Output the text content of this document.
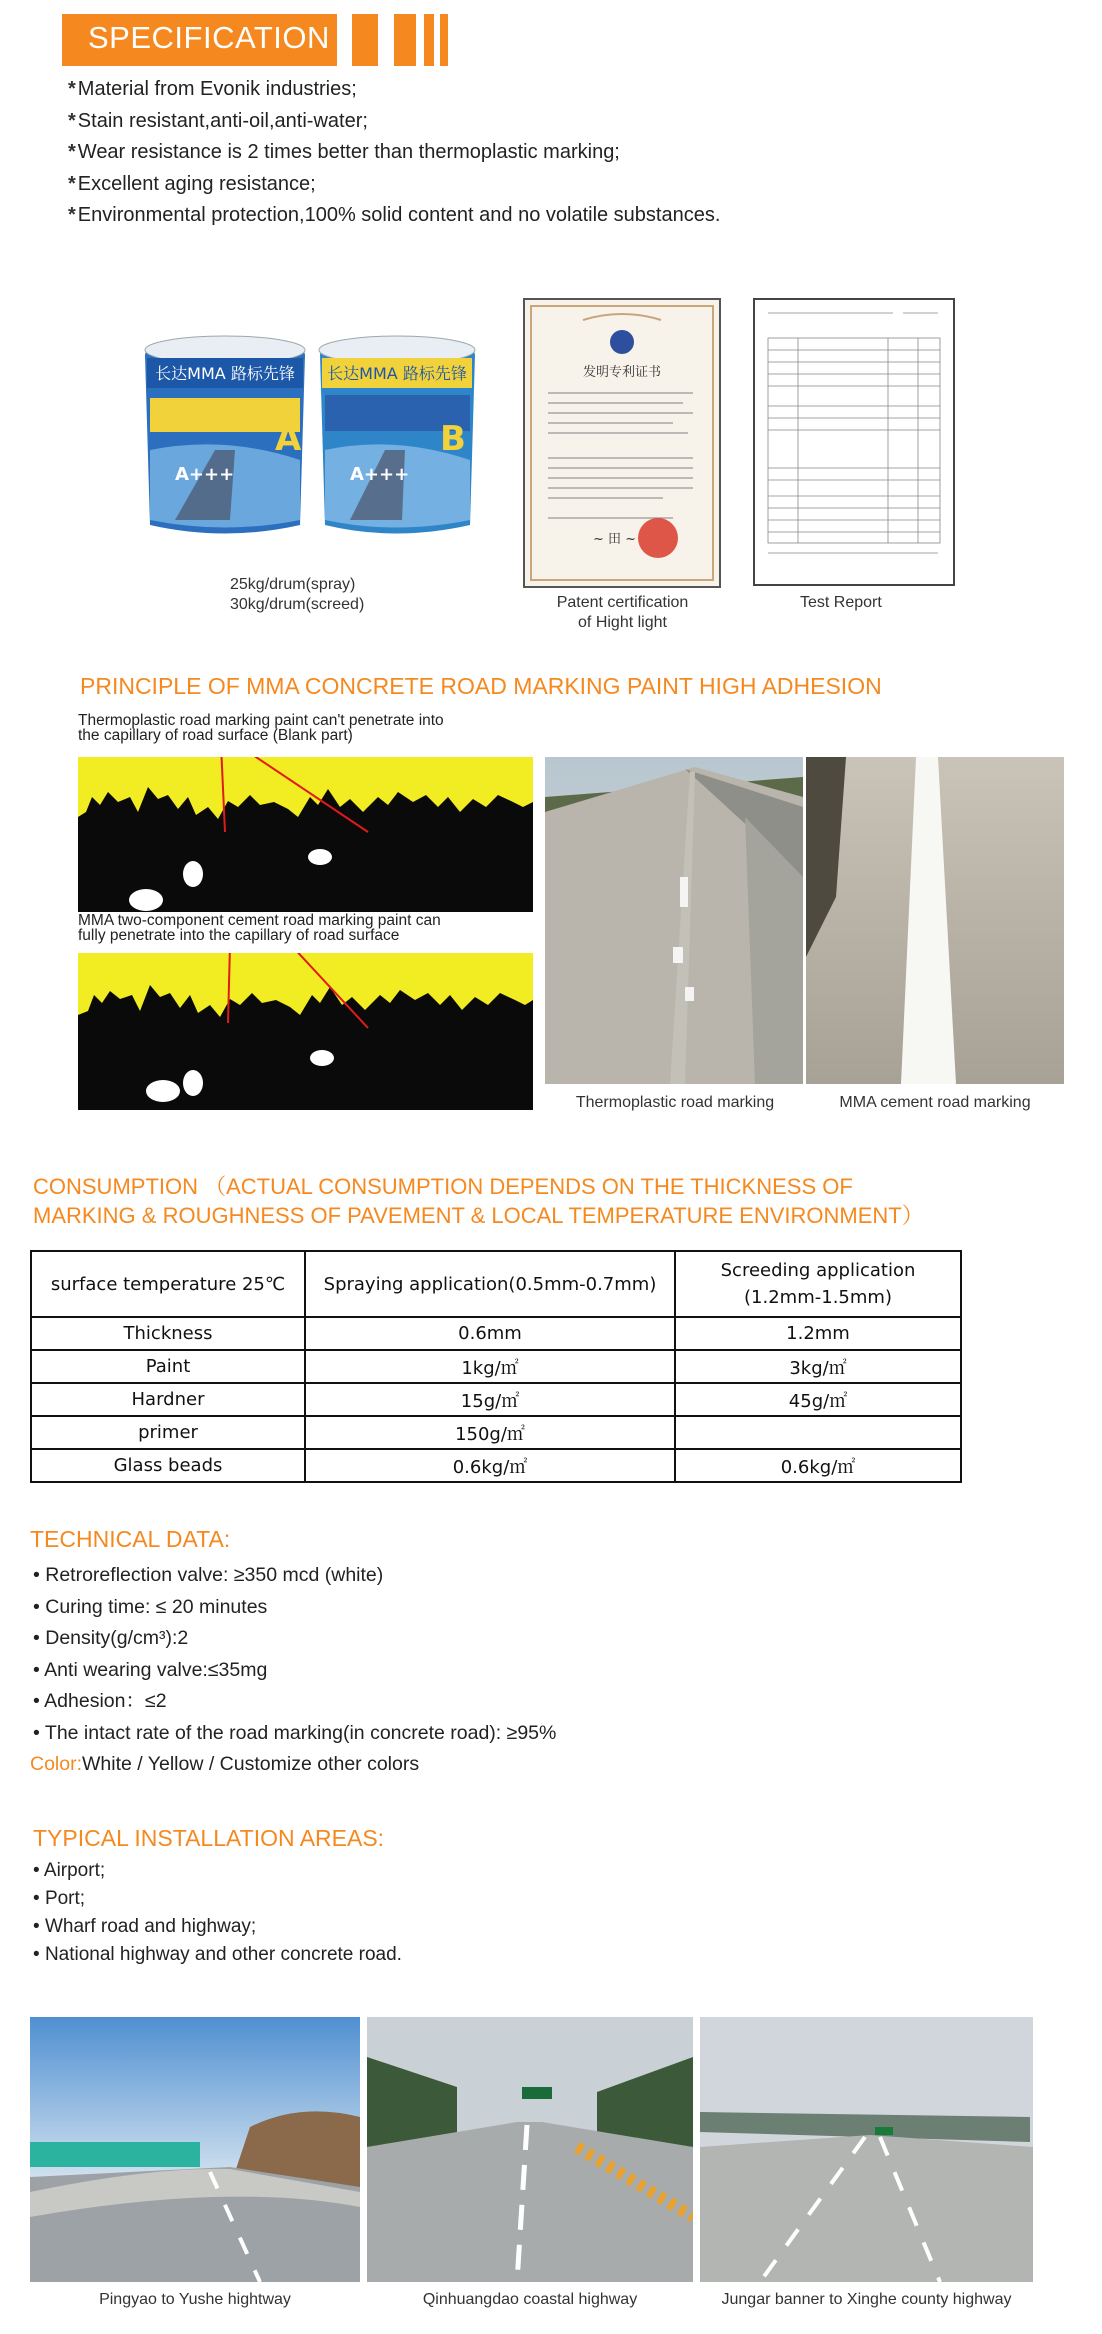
SPECIFICATION
* Material from Evonik industries;
* Stain resistant,anti-oil,anti-water;
* Wear resistance is 2 times better than thermoplastic marking;
* Excellent aging resistance;
* Environmental protection,100% solid content and no volatile substances.
长达MMA 路标先锋
A+++
A
长达MMA 路标先锋
A+++
B
25kg/drum(spray)
30kg/drum(screed)
发明专利证书
~ 田 ~
Patent certification
of Hight light
Test Report
PRINCIPLE OF MMA CONCRETE ROAD MARKING PAINT HIGH ADHESION
Thermoplastic road marking paint can't penetrate into
the capillary of road surface (Blank part)
MMA two-component cement road marking paint can
fully penetrate into the capillary of road surface
Thermoplastic road marking	MMA cement road marking
CONSUMPTION （ACTUAL CONSUMPTION DEPENDS ON THE THICKNESS OF
MARKING & ROUGHNESS OF PAVEMENT & LOCAL TEMPERATURE ENVIRONMENT）
surface temperature 25℃	Spraying application(0.5mm-0.7mm)	Screeding application
(1.2mm-1.5mm)

Thickness	0.6mm	1.2mm
Paint	1kg/㎡	3kg/㎡
Hardner	15g/㎡	45g/㎡
primer	150g/㎡	
Glass beads	0.6kg/㎡	0.6kg/㎡
TECHNICAL DATA:
• Retroreflection valve: ≥350 mcd (white)
• Curing time: ≤ 20 minutes
• Density(g/cm³):2
• Anti wearing valve:≤35mg
• Adhesion：≤2
• The intact rate of the road marking(in concrete road): ≥95%
Color:White / Yellow / Customize other colors
TYPICAL INSTALLATION AREAS:
• Airport;
• Port;
• Wharf road and highway;
• National highway and other concrete road.
Pingyao to Yushe hightway	Qinhuangdao coastal highway	Jungar banner to Xinghe county highway
